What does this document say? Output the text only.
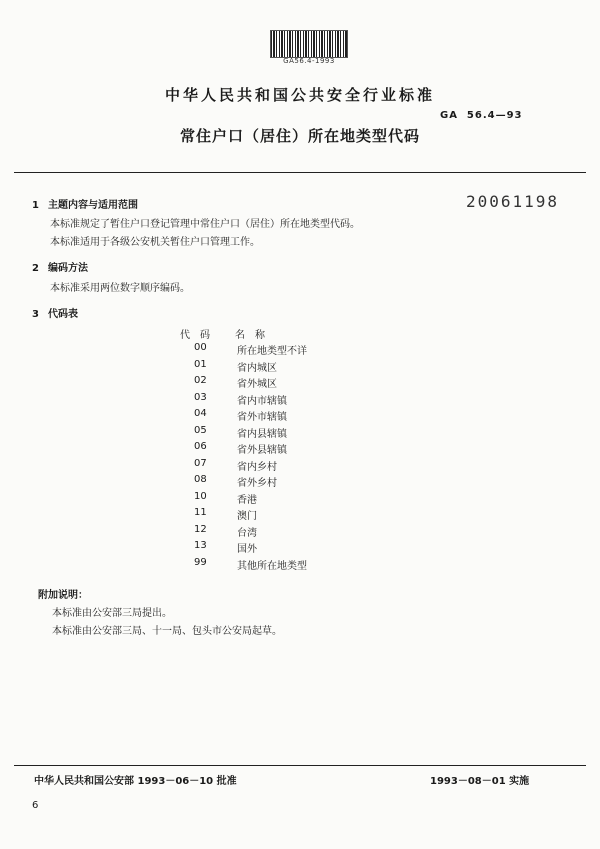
GA56.4-1993
中华人民共和国公共安全行业标准
GA  56.4—93
常住户口（居住）所在地类型代码
20061198
1 主题内容与适用范围
本标准规定了暂住户口登记管理中常住户口（居住）所在地类型代码。
本标准适用于各级公安机关暂住户口管理工作。
2 编码方法
本标准采用两位数字顺序编码。
3 代码表
代码 名称
00	所在地类型不详
01	省内城区
02	省外城区
03	省内市辖镇
04	省外市辖镇
05	省内县辖镇
06	省外县辖镇
07	省内乡村
08	省外乡村
10	香港
11	澳门
12	台湾
13	国外
99	其他所在地类型
附加说明：
本标准由公安部三局提出。
本标准由公安部三局、十一局、包头市公安局起草。
中华人民共和国公安部 1993－06－10 批准	1993－08－01 实施
6
